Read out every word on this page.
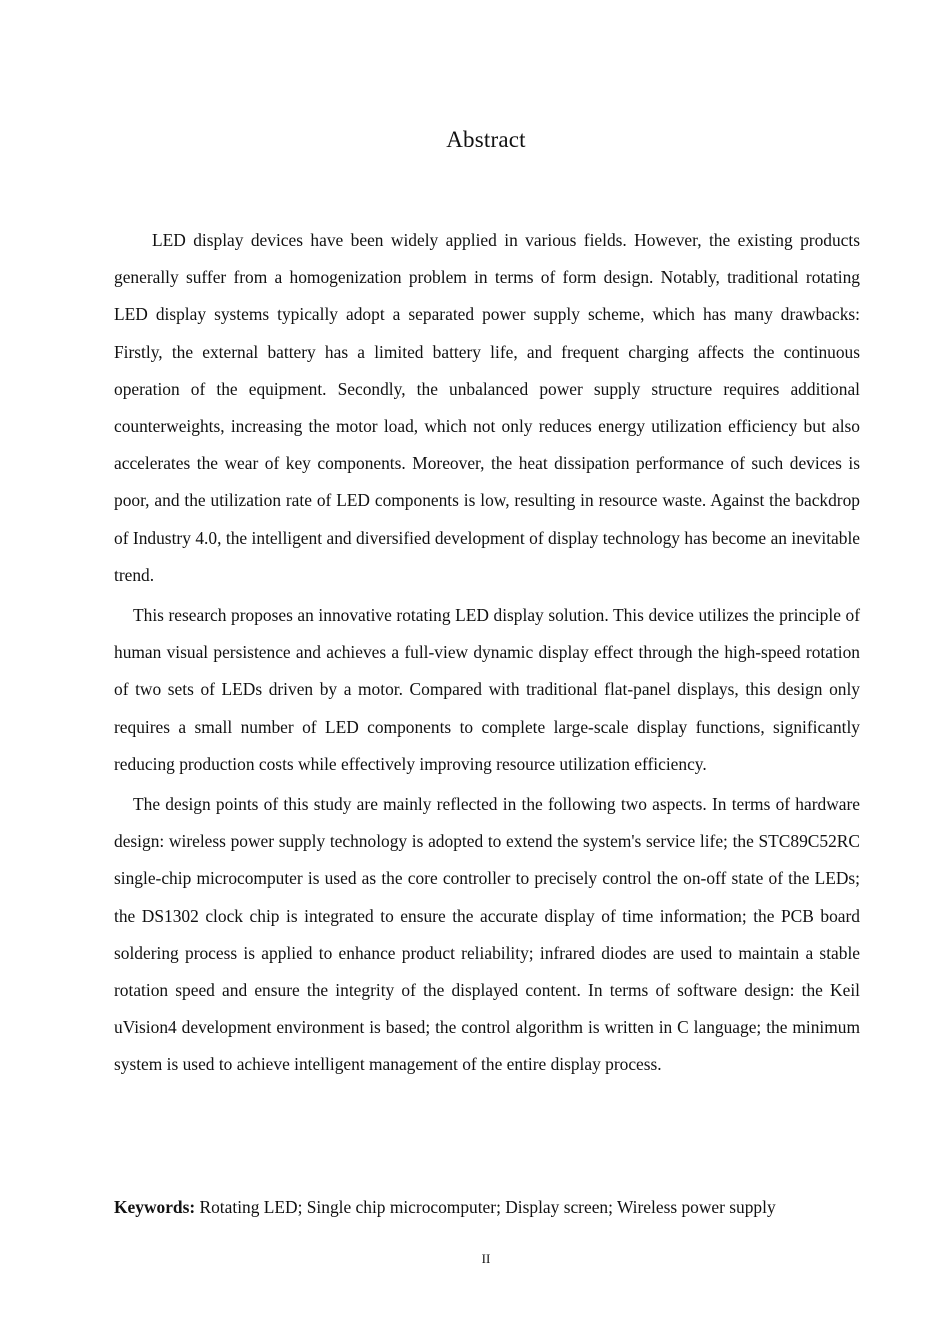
Abstract

LED display devices have been widely applied in various fields. However, the existing products generally suffer from a homogenization problem in terms of form design. Notably, traditional rotating LED display systems typically adopt a separated power supply scheme, which has many drawbacks: Firstly, the external battery has a limited battery life, and frequent charging affects the continuous operation of the equipment. Secondly, the unbalanced power supply structure requires additional counterweights, increasing the motor load, which not only reduces energy utilization efficiency but also accelerates the wear of key components. Moreover, the heat dissipation performance of such devices is poor, and the utilization rate of LED components is low, resulting in resource waste. Against the backdrop of Industry 4.0, the intelligent and diversified development of display technology has become an inevitable trend.

This research proposes an innovative rotating LED display solution. This device utilizes the principle of human visual persistence and achieves a full-view dynamic display effect through the high-speed rotation of two sets of LEDs driven by a motor. Compared with traditional flat-panel displays, this design only requires a small number of LED components to complete large-scale display functions, significantly reducing production costs while effectively improving resource utilization efficiency.

The design points of this study are mainly reflected in the following two aspects. In terms of hardware design: wireless power supply technology is adopted to extend the system's service life; the STC89C52RC single-chip microcomputer is used as the core controller to precisely control the on-off state of the LEDs; the DS1302 clock chip is integrated to ensure the accurate display of time information; the PCB board soldering process is applied to enhance product reliability; infrared diodes are used to maintain a stable rotation speed and ensure the integrity of the displayed content. In terms of software design: the Keil uVision4 development environment is based; the control algorithm is written in C language; the minimum system is used to achieve intelligent management of the entire display process.

Keywords: Rotating LED; Single chip microcomputer; Display screen; Wireless power supply
II
